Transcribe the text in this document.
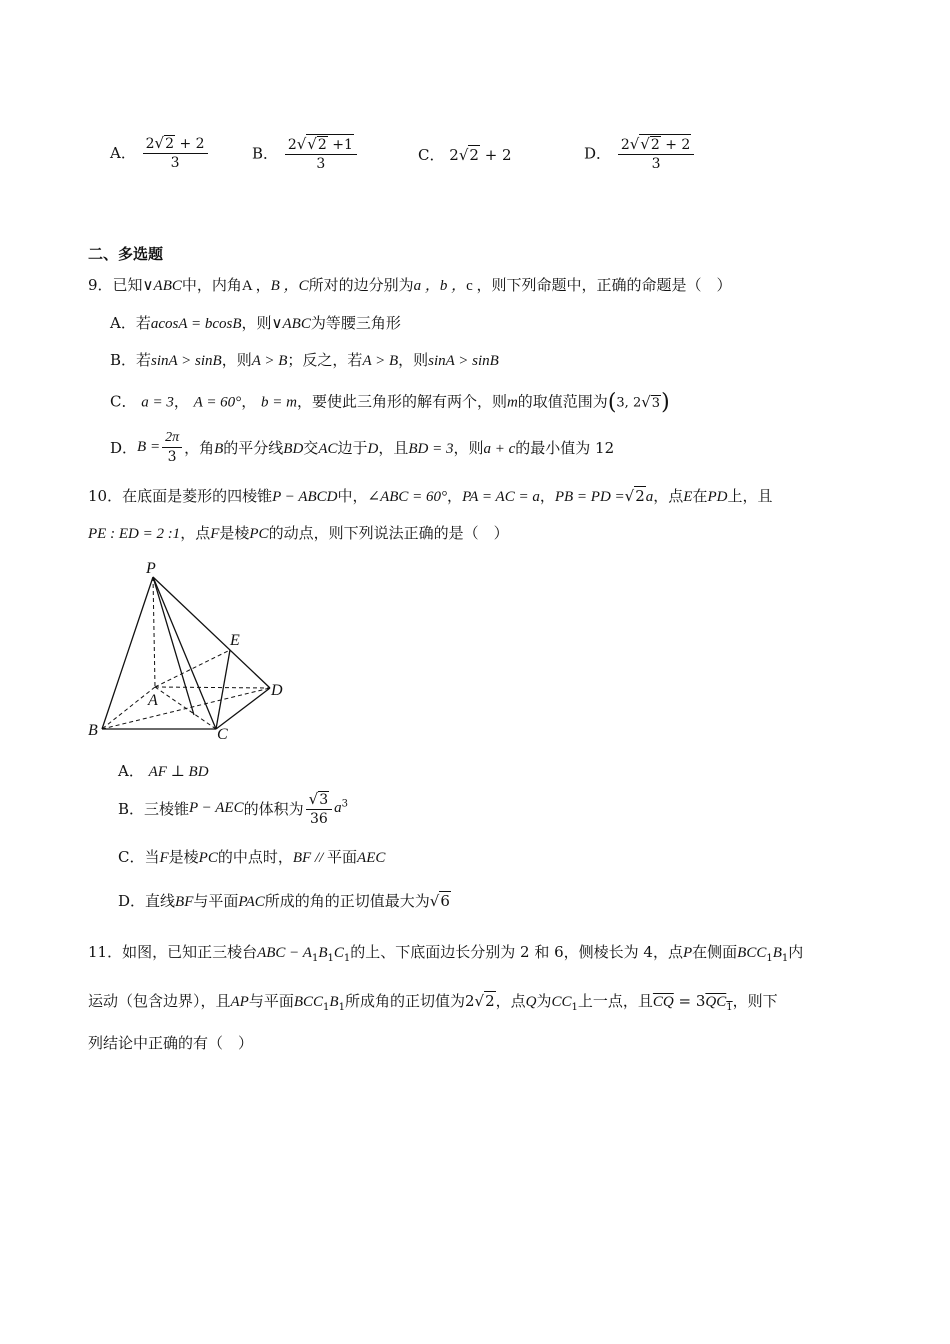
A． $\frac{2√2 + 2}{3}$	B． $\frac{2√√2 +1}{3}$	C． 2√2 + 2	D． $\frac{2√√2 + 2}{3}$
二、多选题
9．已知∨ABC中，内角A ，B ，C所对的边分别为a ，b ，c ，则下列命题中，正确的命题是（　）
A．若acosA = bcosB，则∨ABC为等腰三角形
B．若sinA > sinB，则A > B；反之，若A > B，则sinA > sinB
C． a = 3， A = 60°， b = m，要使此三角形的解有两个，则m的取值范围为(3, 2√3)
D．$B = \frac{2\pi}{3}$ ，角B的平分线BD交AC边于D，且BD = 3，则a + c的最小值为 12
10．在底面是菱形的四棱锥P − ABCD中，∠ABC = 60°，PA = AC = a，PB = PD =√2a，点E在PD上，且
PE : ED = 2 :1，点F是棱PC的动点，则下列说法正确的是（　）
P
E
A
D
B	C
A． AF ⊥ BD
B．三棱锥P − AEC的体积为 $\frac{√3}{36} a^3$
C．当F是棱PC的中点时，BF // 平面AEC
D．直线BF与平面PAC所成的角的正切值最大为√6
11．如图，已知正三棱台ABC − $A_1B_1C_1$的上、下底面边长分别为 2 和 6，侧棱长为 4，点P在侧面$BCC_1B_1$内
运动（包含边界），且AP与平面$BCC_1B_1$所成角的正切值为2√2，点Q为$CC_1$上一点，且$\overline{CQ} = 3QC_1$，则下
列结论中正确的有（　）
